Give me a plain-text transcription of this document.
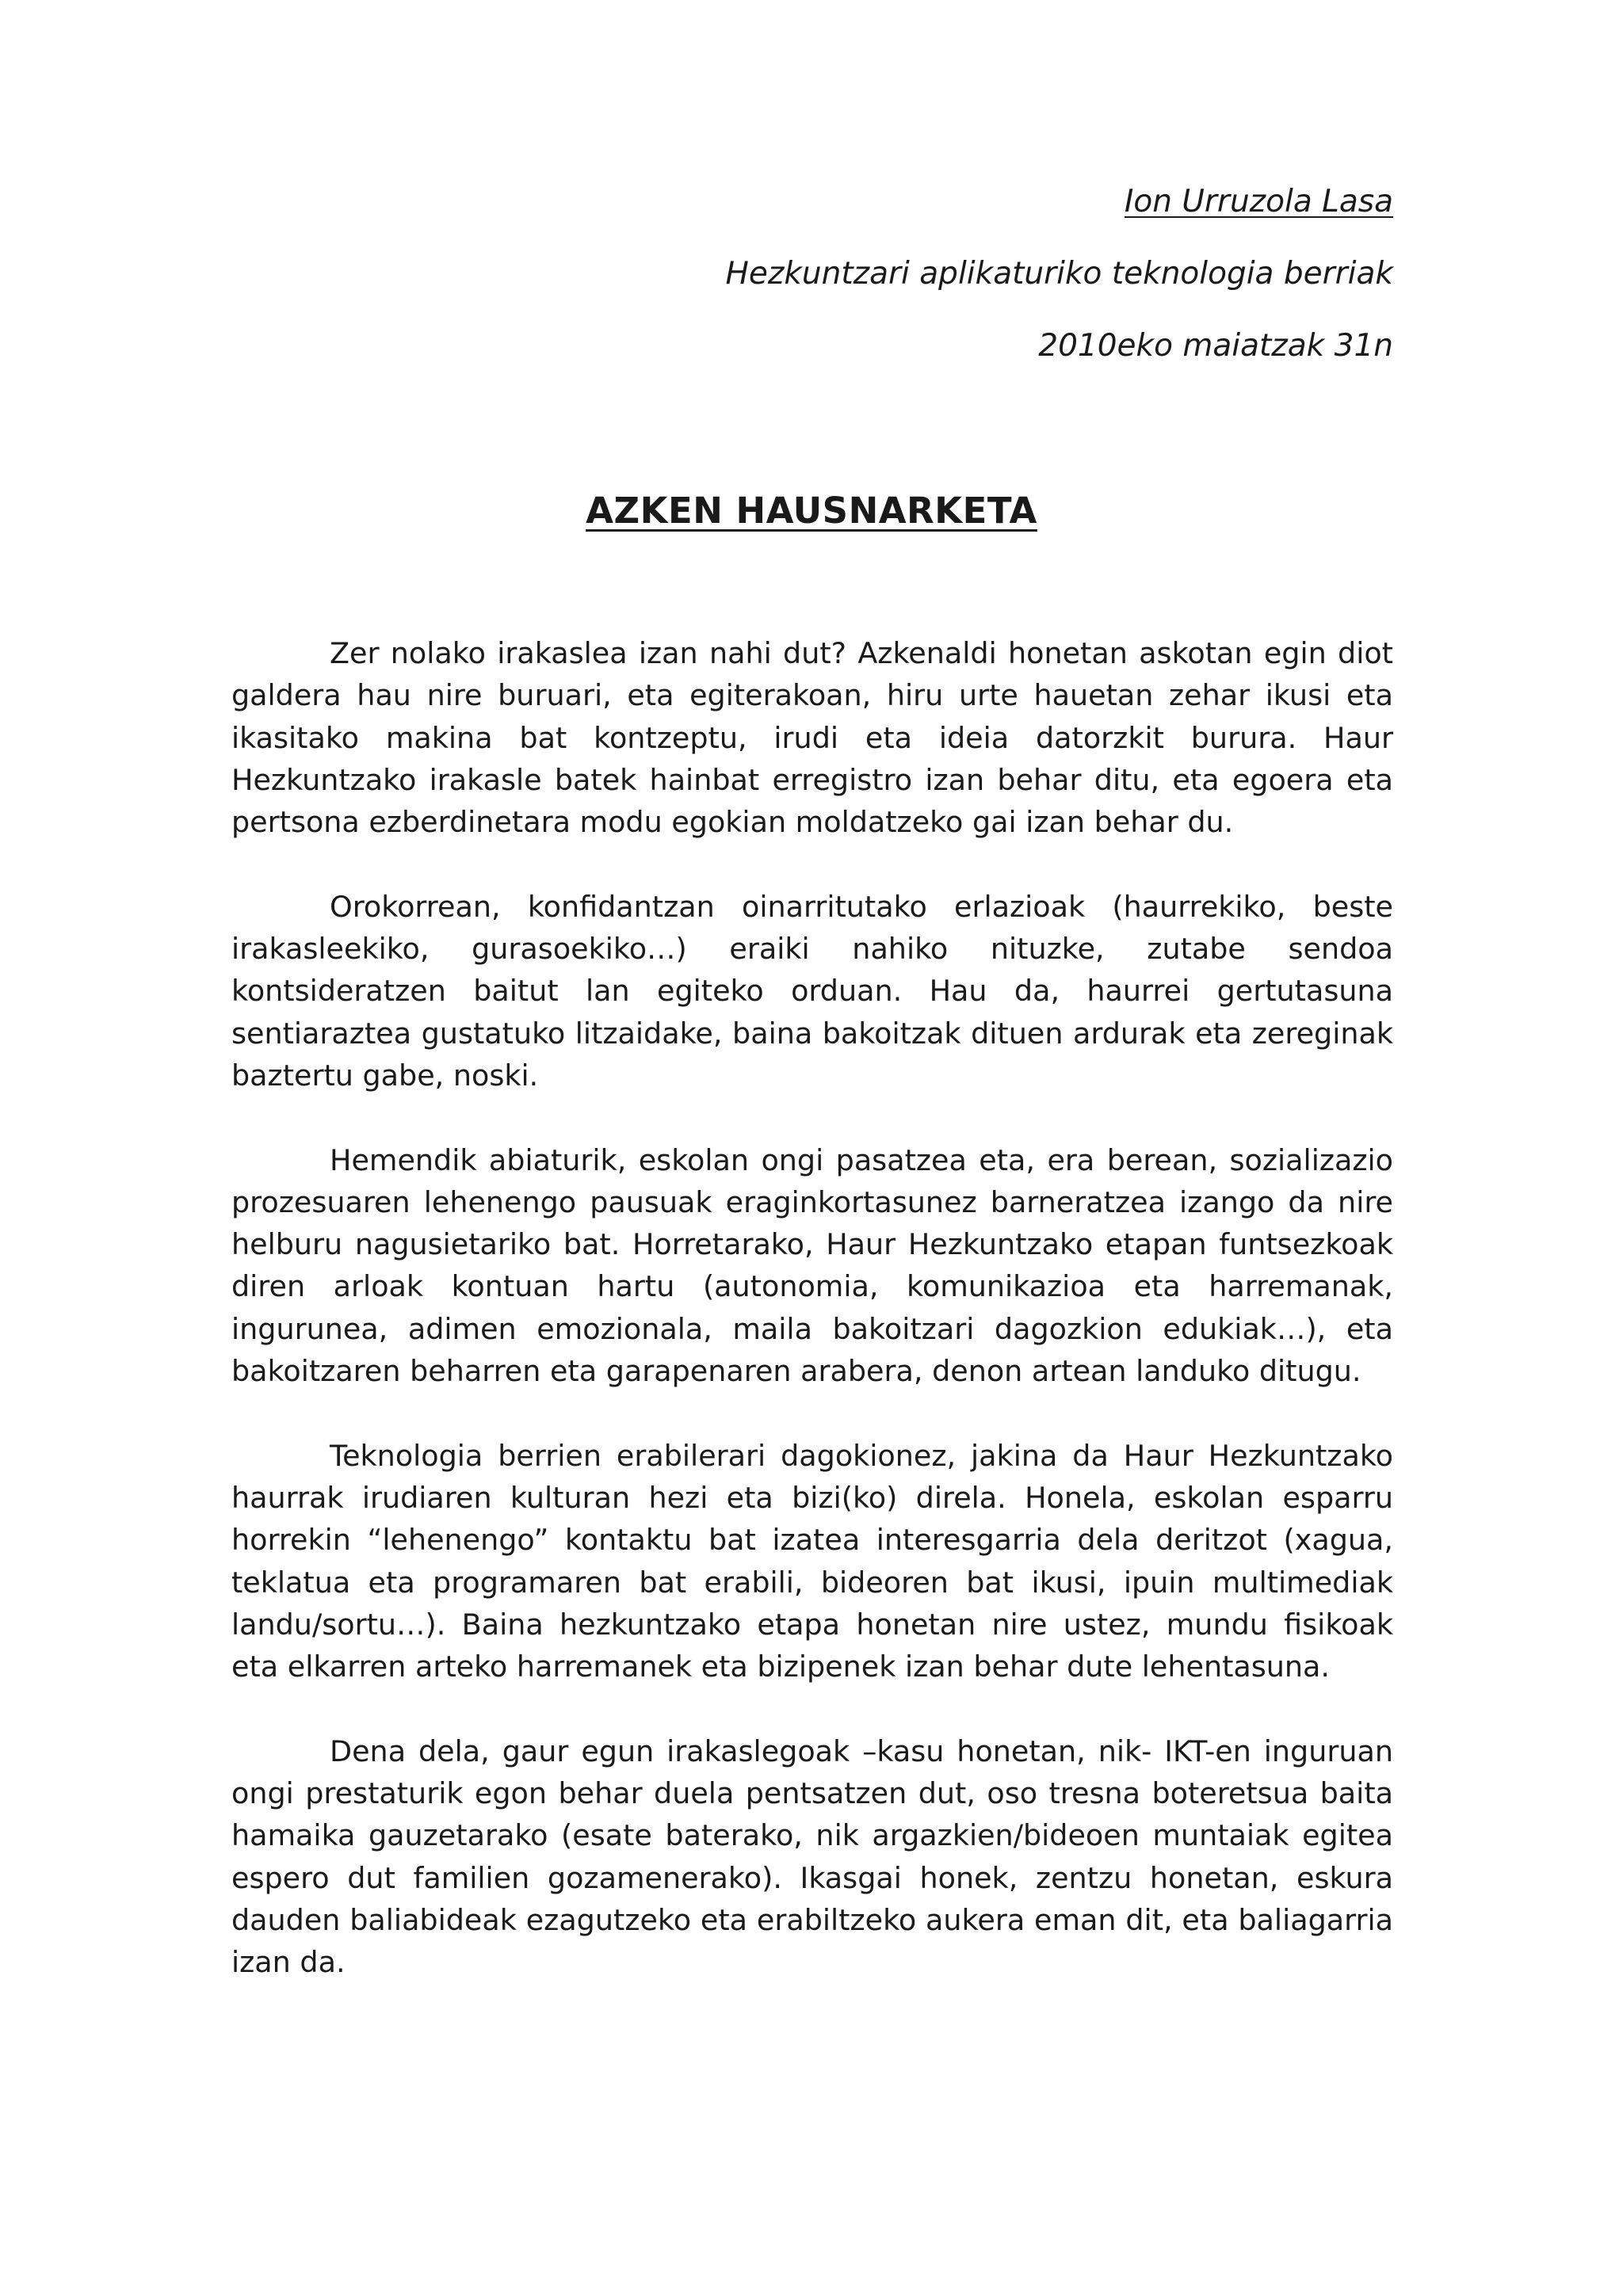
Ion Urruzola Lasa
Hezkuntzari aplikaturiko teknologia berriak
2010eko maiatzak 31n
AZKEN HAUSNARKETA

Zer nolako irakaslea izan nahi dut? Azkenaldi honetan askotan egin diot galdera hau nire buruari, eta egiterakoan, hiru urte hauetan zehar ikusi eta ikasitako makina bat kontzeptu, irudi eta ideia datorzkit burura. Haur Hezkuntzako irakasle batek hainbat erregistro izan behar ditu, eta egoera eta pertsona ezberdinetara modu egokian moldatzeko gai izan behar du.

Orokorrean, konfidantzan oinarritutako erlazioak (haurrekiko, beste irakasleekiko, gurasoekiko…) eraiki nahiko nituzke, zutabe sendoa kontsideratzen baitut lan egiteko orduan. Hau da, haurrei gertutasuna sentiaraztea gustatuko litzaidake, baina bakoitzak dituen ardurak eta zereginak baztertu gabe, noski.

Hemendik abiaturik, eskolan ongi pasatzea eta, era berean, sozializazio prozesuaren lehenengo pausuak eraginkortasunez barneratzea izango da nire helburu nagusietariko bat. Horretarako, Haur Hezkuntzako etapan funtsezkoak diren arloak kontuan hartu (autonomia, komunikazioa eta harremanak, ingurunea, adimen emozionala, maila bakoitzari dagozkion edukiak…), eta bakoitzaren beharren eta garapenaren arabera, denon artean landuko ditugu.

Teknologia berrien erabilerari dagokionez, jakina da Haur Hezkuntzako haurrak irudiaren kulturan hezi eta bizi(ko) direla. Honela, eskolan esparru horrekin “lehenengo” kontaktu bat izatea interesgarria dela deritzot (xagua, teklatua eta programaren bat erabili, bideoren bat ikusi, ipuin multimediak landu/sortu…). Baina hezkuntzako etapa honetan nire ustez, mundu fisikoak eta elkarren arteko harremanek eta bizipenek izan behar dute lehentasuna.

Dena dela, gaur egun irakaslegoak –kasu honetan, nik- IKT-en inguruan ongi prestaturik egon behar duela pentsatzen dut, oso tresna boteretsua baita hamaika gauzetarako (esate baterako, nik argazkien/bideoen muntaiak egitea espero dut familien gozamenerako). Ikasgai honek, zentzu honetan, eskura dauden baliabideak ezagutzeko eta erabiltzeko aukera eman dit, eta baliagarria izan da.
